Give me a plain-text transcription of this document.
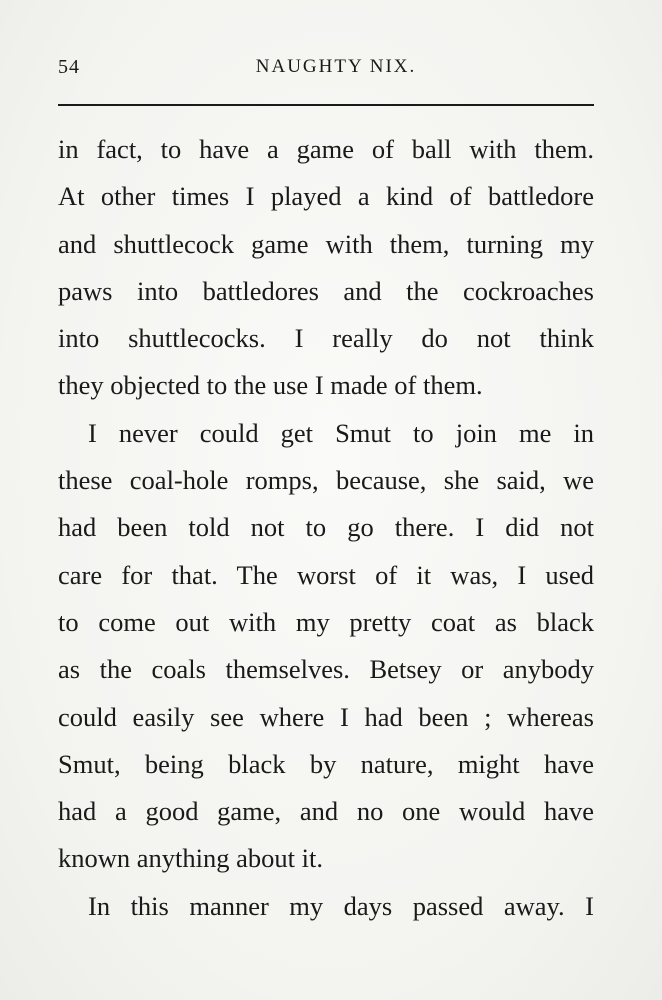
54	NAUGHTY NIX.
in fact, to have a game of ball with them.
At other times I played a kind of battledore
and shuttlecock game with them, turning my
paws into battledores and the cockroaches
into shuttlecocks. I really do not think
they objected to the use I made of them.
I never could get Smut to join me in
these coal-hole romps, because, she said, we
had been told not to go there. I did not
care for that. The worst of it was, I used
to come out with my pretty coat as black
as the coals themselves. Betsey or anybody
could easily see where I had been ; whereas
Smut, being black by nature, might have
had a good game, and no one would have
known anything about it.
In this manner my days passed away. I
